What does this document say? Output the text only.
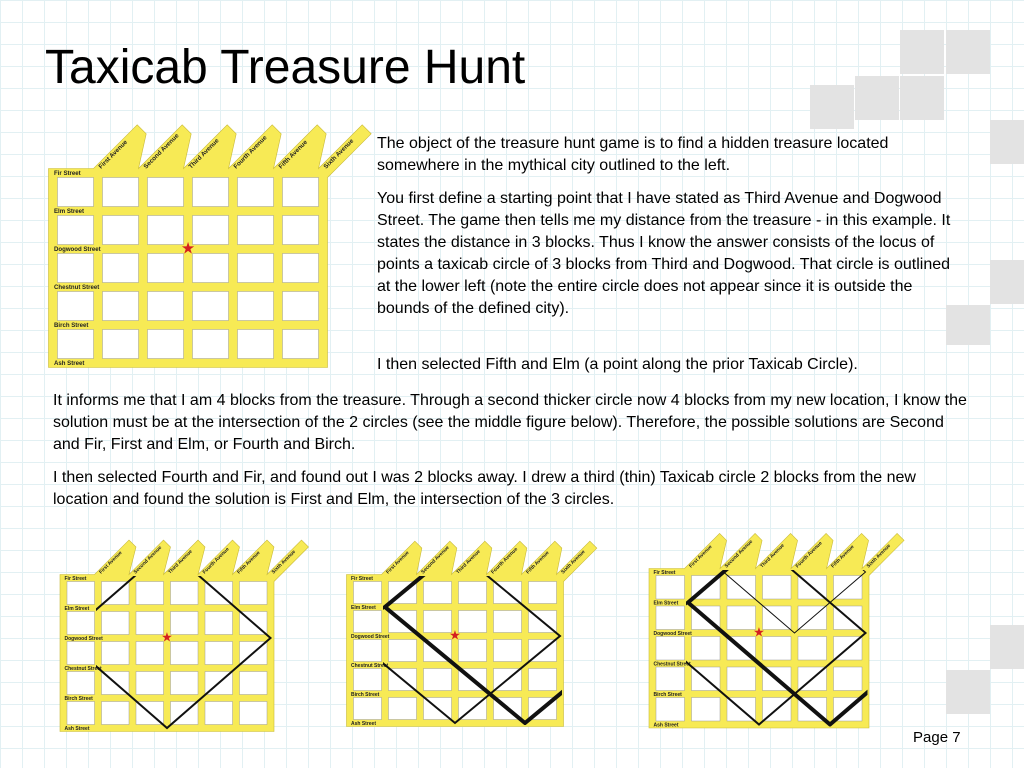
Taxicab Treasure Hunt

The object of the treasure hunt game is to find a hidden treasure located somewhere in the mythical city outlined to the left.

You first define a starting point that I have stated as Third Avenue and Dogwood Street. The game then tells me my distance from the treasure - in this example. It states the distance in 3 blocks. Thus I know the answer consists of the locus of points a taxicab circle of 3 blocks from Third and Dogwood. That circle is outlined at the lower left (note the entire circle does not appear since it is outside the bounds of the defined city).

I then selected Fifth and Elm (a point along the prior Taxicab Circle).

It informs me that I am 4 blocks from the treasure. Through a second thicker circle now 4 blocks from my new location, I know the solution must be at the intersection of the 2 circles (see the middle figure below). Therefore, the possible solutions are Second and Fir, First and Elm, or Fourth and Birch.

I then selected Fourth and Fir, and found out I was 2 blocks away. I drew a third (thin) Taxicab circle 2 blocks from the new location and found the solution is First and Elm, the intersection of the 3 circles.

Fir Street
Elm Street
Dogwood Street
Chestnut Street
Birch Street
Ash Street
First Avenue Second Avenue Third Avenue Fourth Avenue Fifth Avenue Sixth Avenue
★
Fir Street
Elm Street
Dogwood Street
Chestnut Street
Birch Street
Ash Street
First Avenue Second Avenue Third Avenue Fourth Avenue Fifth Avenue Sixth Avenue
★
Fir Street
Elm Street
Dogwood Street
Chestnut Street
Birch Street
Ash Street
First Avenue Second Avenue Third Avenue Fourth Avenue Fifth Avenue Sixth Avenue
★
Fir Street
Elm Street
Dogwood Street
Chestnut Street
Birch Street
Ash Street
First Avenue Second Avenue Third Avenue Fourth Avenue Fifth Avenue Sixth Avenue
★
Page 7
